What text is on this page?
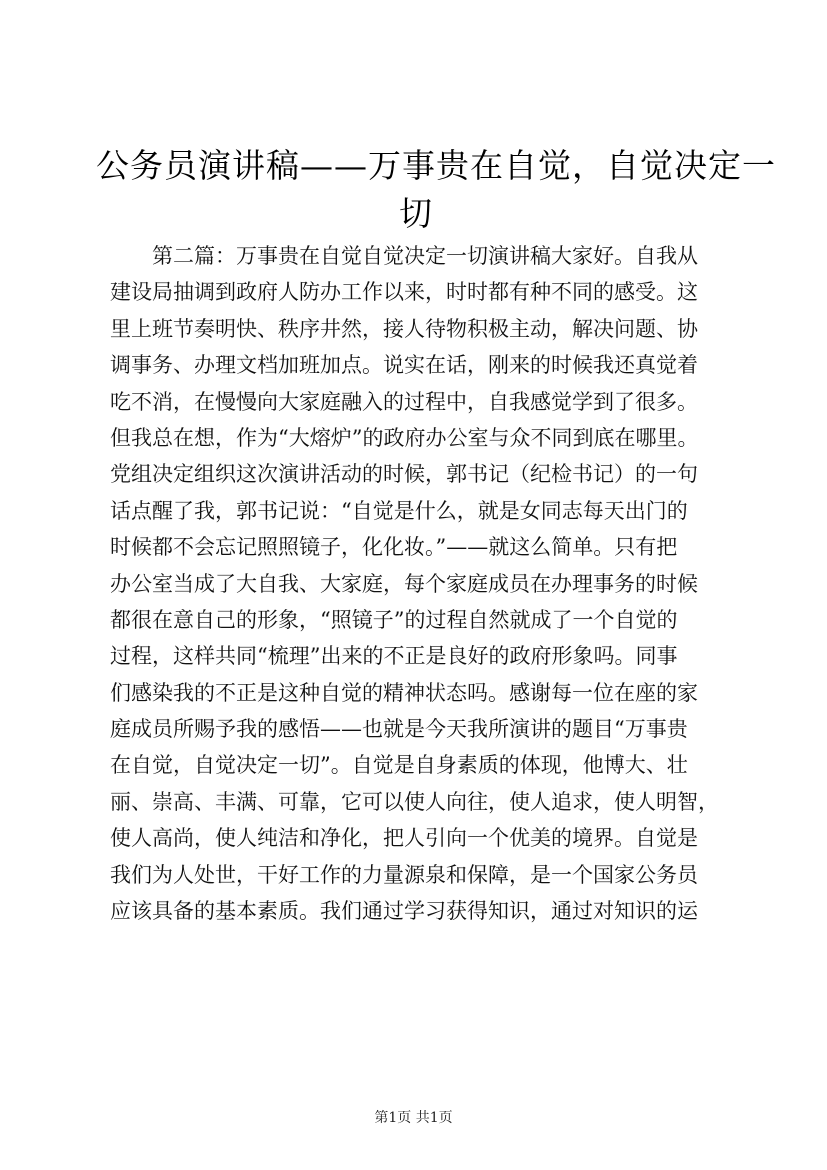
公务员演讲稿——万事贵在自觉，自觉决定一
切
　　第二篇：万事贵在自觉自觉决定一切演讲稿大家好。自我从
建设局抽调到政府人防办工作以来，时时都有种不同的感受。这
里上班节奏明快、秩序井然，接人待物积极主动，解决问题、协
调事务、办理文档加班加点。说实在话，刚来的时候我还真觉着
吃不消，在慢慢向大家庭融入的过程中，自我感觉学到了很多。
但我总在想，作为“大熔炉”的政府办公室与众不同到底在哪里。
党组决定组织这次演讲活动的时候，郭书记（纪检书记）的一句
话点醒了我，郭书记说：“自觉是什么，就是女同志每天出门的
时候都不会忘记照照镜子，化化妆。”——就这么简单。只有把
办公室当成了大自我、大家庭，每个家庭成员在办理事务的时候
都很在意自己的形象，“照镜子”的过程自然就成了一个自觉的
过程，这样共同“梳理”出来的不正是良好的政府形象吗。同事
们感染我的不正是这种自觉的精神状态吗。感谢每一位在座的家
庭成员所赐予我的感悟——也就是今天我所演讲的题目“万事贵
在自觉，自觉决定一切”。自觉是自身素质的体现，他博大、壮
丽、崇高、丰满、可靠，它可以使人向往，使人追求，使人明智，
使人高尚，使人纯洁和净化，把人引向一个优美的境界。自觉是
我们为人处世，干好工作的力量源泉和保障，是一个国家公务员
应该具备的基本素质。我们通过学习获得知识，通过对知识的运
第1页 共1页
